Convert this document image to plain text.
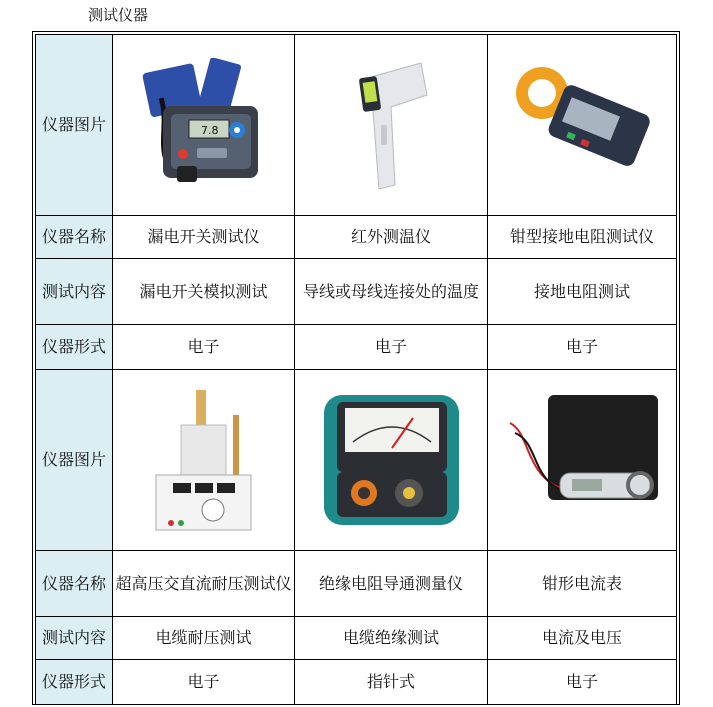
测试仪器
仪器图片	7.8

仪器名称	漏电开关测试仪	红外测温仪	钳型接地电阻测试仪
测试内容	漏电开关模拟测试	导线或母线连接处的温度	接地电阻测试
仪器形式	电子	电子	电子
仪器图片	

仪器名称	超高压交直流耐压测试仪	绝缘电阻导通测量仪	钳形电流表
测试内容	电缆耐压测试	电缆绝缘测试	电流及电压
仪器形式	电子	指针式	电子
